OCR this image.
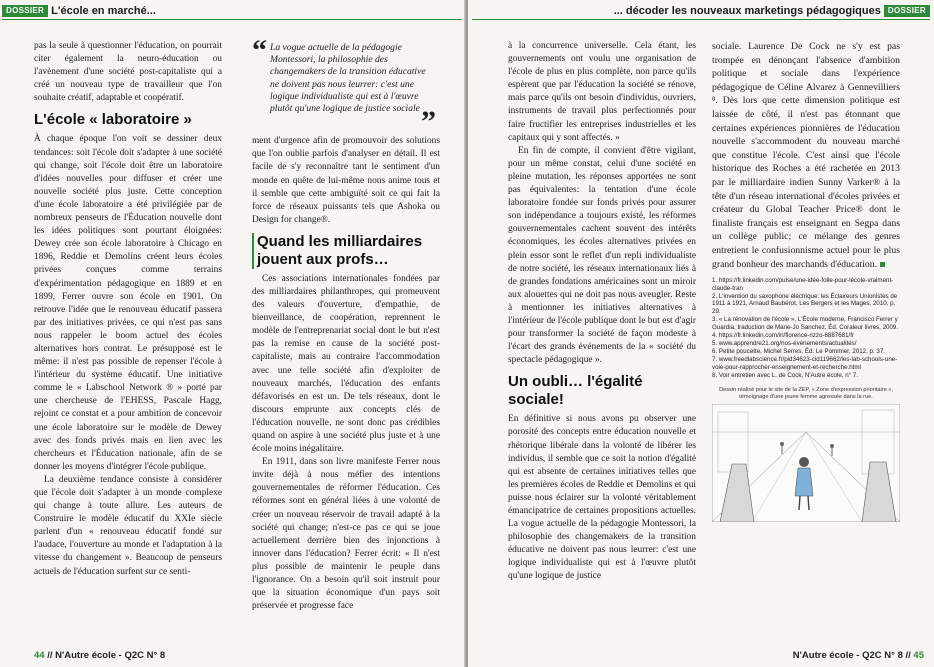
DOSSIER L'école en marché...

pas la seule à questionner l'éducation, on pourrait citer également la neuro-éducation ou l'avènement d'une société post-capitaliste qui a créé un nouveau type de travailleur que l'on souhaite créatif, adaptable et coopératif.

L'école « laboratoire »

À chaque époque l'on voit se dessiner deux tendances: soit l'école doit s'adapter à une société qui change, soit l'école doit être un laboratoire d'idées nouvelles pour diffuser et créer une nouvelle société plus juste. Cette conception d'une école laboratoire a été privilégiée par de nombreux penseurs de l'Éducation nouvelle dont les idées politiques sont pourtant éloignées: Dewey crée son école laboratoire à Chicago en 1896, Reddie et Demolins créent leurs écoles privées conçues comme terrains d'expérimentation pédagogique en 1889 et en 1899, Ferrer ouvre son école en 1901. On retrouve l'idée que le renouveau éducatif passera par des initiatives privées, ce qui n'est pas sans nous rappeler le boom actuel des écoles alternatives hors contrat. Le présupposé est le même: il n'est pas possible de repenser l'école à l'intérieur du système éducatif. Une initiative comme le « Labschool Network ® » porté par une chercheuse de l'EHESS, Pascale Hagg, rejoint ce constat et a pour ambition de concevoir une école laboratoire sur le modèle de Dewey avec des fonds privés mais en lien avec les chercheurs et l'Éducation nationale, afin de se donner les moyens d'intégrer l'école publique.

La deuxième tendance consiste à considérer que l'école doit s'adapter à un monde complexe qui change à toute allure. Les auteurs de Construire le modèle éducatif du XXIe siècle parlent d'un « renouveau éducatif fondé sur l'audace, l'ouverture au monde et l'adaptation à la vitesse du changement ». Beaucoup de penseurs actuels de l'éducation surfent sur ce senti-

“ La vogue actuelle de la pédagogie Montessori, la philosophie des changemakers de la transition éducative ne doivent pas nous leurrer: c'est une logique individualiste qui est à l'œuvre plutôt qu'une logique de justice sociale ”

ment d'urgence afin de promouvoir des solutions que l'on oublie parfois d'analyser en détail. Il est facile de s'y reconnaître tant le sentiment d'un monde en quête de lui-même nous anime tous et il semble que cette ambiguïté soit ce qui fait la force de réseaux puissants tels que Ashoka ou Design for change®.

Quand les milliardaires jouent aux profs…

Ces associations internationales fondées par des milliardaires philanthropes, qui promeuvent des valeurs d'ouverture, d'empathie, de bienveillance, de coopération, reprennent le modèle de l'entreprenariat social dont le but n'est pas la remise en cause de la société post-capitaliste, mais au contraire l'accommodation avec une telle société afin d'exploiter de nouveaux marchés, l'éducation des enfants défavorisés en est un. De tels réseaux, dont le discours emprunte aux concepts clés de l'éducation nouvelle, ne sont donc pas crédibles quand on aspire à une société plus juste et à une école moins inégalitaire.

En 1911, dans son livre manifeste Ferrer nous invite déjà à nous méfier des intentions gouvernementales de réformer l'éducation. Ces réformes sont en général liées à une volonté de créer un nouveau réservoir de travail adapté à la société qui change; n'est-ce pas ce qui se joue actuellement derrière bien des injonctions à innover dans l'éducation? Ferrer écrit: « Il n'est plus possible de maintenir le peuple dans l'ignorance. On a besoin qu'il soit instruit pour que la situation économique d'un pays soit préservée et progresse face

44 // N'Autre école - Q2C N° 8
... décoder les nouveaux marketings pédagogiques DOSSIER

à la concurrence universelle. Cela étant, les gouvernements ont voulu une organisation de l'école de plus en plus complète, non parce qu'ils espèrent que par l'éducation la société se rénove, mais parce qu'ils ont besoin d'individus, ouvriers, instruments de travail plus perfectionnés pour faire fructifier les entreprises industrielles et les capitaux qui y sont affectés. »

En fin de compte, il convient d'être vigilant, pour un même constat, celui d'une société en pleine mutation, les réponses apportées ne sont pas équivalentes: la tentation d'une école laboratoire fondée sur fonds privés pour assurer son indépendance a toujours existé, les réformes gouvernementales cachent souvent des intérêts économiques, les écoles alternatives privées en plein essor sont le reflet d'un repli individualiste de notre société, les réseaux internationaux liés à de grandes fondations américaines sont un miroir aux alouettes qui ne doit pas nous aveugler. Reste à mentionner les initiatives alternatives à l'intérieur de l'école publique dont le but est d'agir pour transformer la société de façon modeste à l'écart des grands événements de la « société du spectacle pédagogique ».

Un oubli… l'égalité sociale!

En définitive si nous avons pu observer une porosité des concepts entre éducation nouvelle et rhétorique libérale dans la volonté de libérer les individus, il semble que ce soit la notion d'égalité qui est absente de certaines initiatives telles que les premières écoles de Reddie et Demolins et qui puisse nous éclairer sur la volonté véritablement émancipatrice de certaines propositions actuelles. La vogue actuelle de la pédagogie Montessori, la philosophie des changemakers de la transition éducative ne doivent pas nous leurrer: c'est une logique individualiste qui est à l'œuvre plutôt qu'une logique de justice

sociale. Laurence De Cock ne s'y est pas trompée en dénonçant l'absence d'ambition politique et sociale dans l'expérience pédagogique de Céline Alvarez à Gennevilliers ⁸. Dès lors que cette dimension politique est laissée de côté, il n'est pas étonnant que certaines expériences pionnières de l'éducation nouvelle s'accommodent du nouveau marché que constitue l'école. C'est ainsi que l'école historique des Roches a été rachetée en 2013 par le milliardaire indien Sunny Varker® à la tête d'un réseau international d'écoles privées et créateur du Global Teacher Price® dont le finaliste français est enseignant en Segpa dans un collège public; ce mélange des genres entretient le confusionnisme actuel pour le plus grand bonheur des marchands d'éducation.

1. https://fr.linkedin.com/pulse/une-idée-folle-pour-lécole-vraiment-claude-tran
2. L'invention du saxophone électrique: les Éclaireurs Unionistes de 1911 à 1921, Arnaud Baubérot, Les Bergers et les Mages, 2010, p. 29.
3. « La rénovation de l'école », L'École moderne, Francisco Ferrer y Guardia, traduction de Marie-Jo Sanchez, Éd. Coraleur livres, 2009.
4. https://fr.linkedin.com/in/florence-rizzo-6887681/fr
5. www.apprendre21.org/nos-événements/actualités/
6. Petite poucette, Michel Serres, Éd. Le Pommier, 2012, p. 37.
7. www.freedlabscience.fr/pid34623-cid119662/les-lab-schools-une-voie-pour-rapprocher-enseignement-et-recherche.html
8. Voir entretien avec L. de Cock, N'Autre école, n° 7.
Dessin réalisé pour le site de la ZEP, « Zone d'expression prioritaire », témoignage d'une jeune femme agressée dans la rue.
N'Autre école - Q2C N° 8 // 45
